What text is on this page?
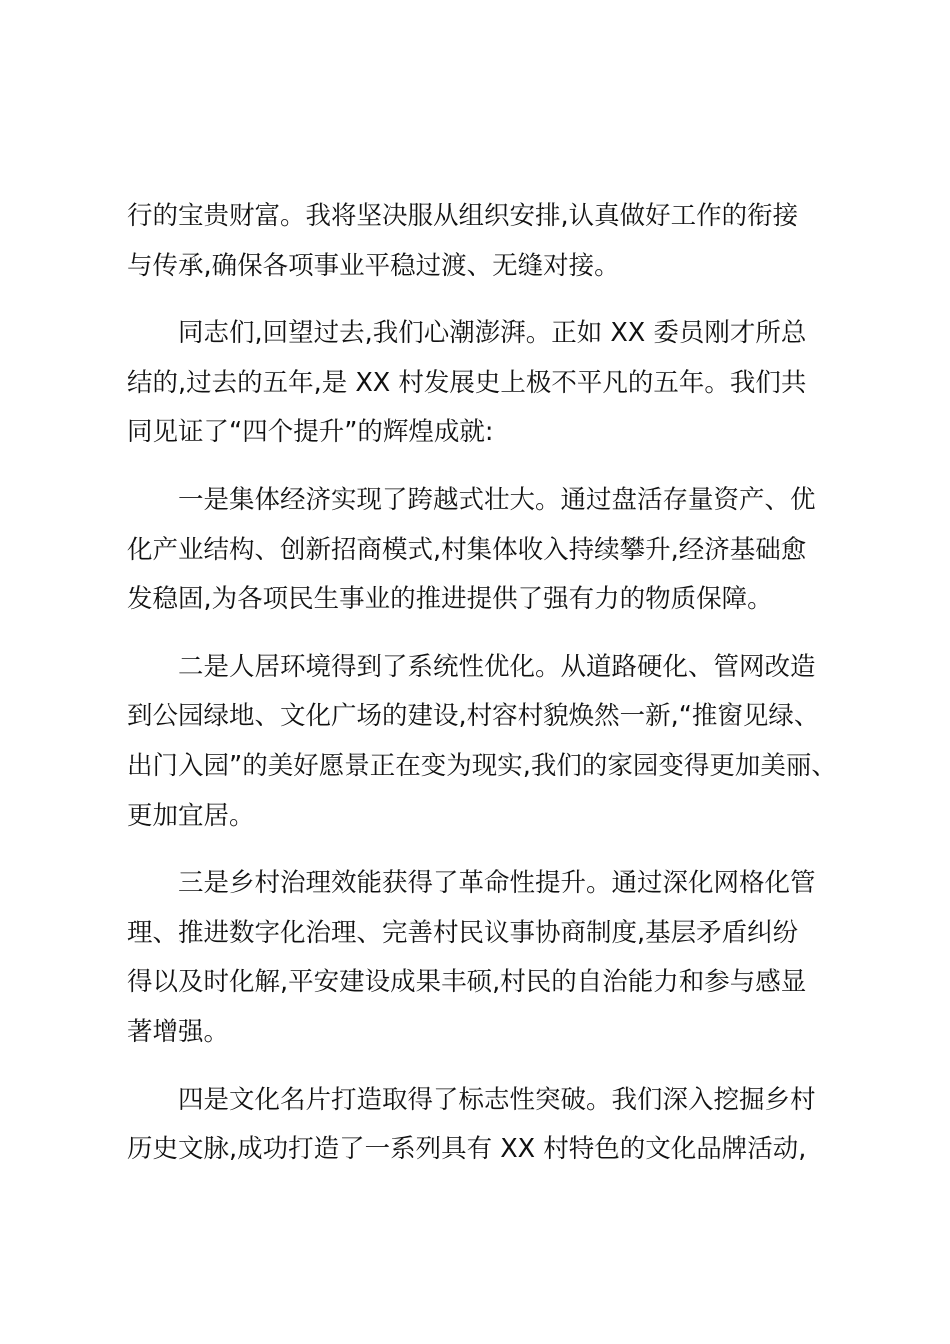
行的宝贵财富。我将坚决服从组织安排,认真做好工作的衔接
与传承,确保各项事业平稳过渡、无缝对接。

同志们,回望过去,我们心潮澎湃。正如 XX 委员刚才所总
结的,过去的五年,是 XX 村发展史上极不平凡的五年。我们共
同见证了“四个提升”的辉煌成就:

一是集体经济实现了跨越式壮大。通过盘活存量资产、优
化产业结构、创新招商模式,村集体收入持续攀升,经济基础愈
发稳固,为各项民生事业的推进提供了强有力的物质保障。

二是人居环境得到了系统性优化。从道路硬化、管网改造
到公园绿地、文化广场的建设,村容村貌焕然一新,“推窗见绿、
出门入园”的美好愿景正在变为现实,我们的家园变得更加美丽、
更加宜居。

三是乡村治理效能获得了革命性提升。通过深化网格化管
理、推进数字化治理、完善村民议事协商制度,基层矛盾纠纷
得以及时化解,平安建设成果丰硕,村民的自治能力和参与感显
著增强。

四是文化名片打造取得了标志性突破。我们深入挖掘乡村
历史文脉,成功打造了一系列具有 XX 村特色的文化品牌活动,
